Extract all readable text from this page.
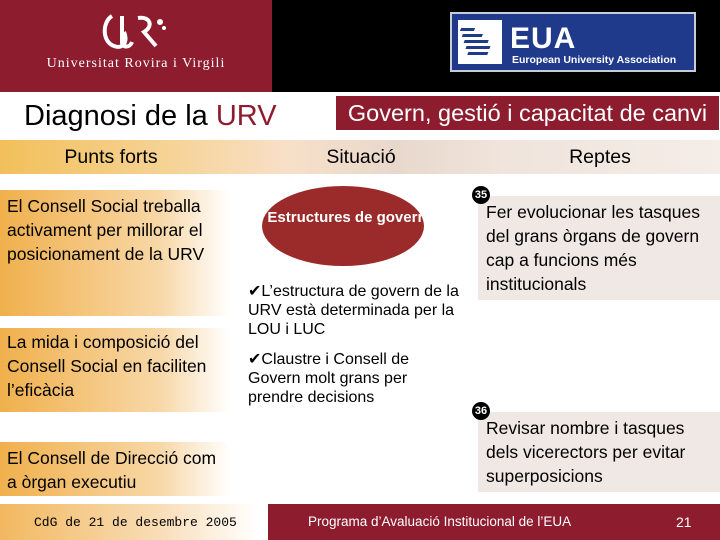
Universitat Rovira i Virgili
EUA
European University Association
Diagnosi de la URV	Govern, gestió i capacitat de canvi
Punts forts	Situació	Reptes
El Consell Social treballa activament per millorar el posicionament de la URV
La mida i composició del Consell Social en faciliten l’eficàcia
El Consell de Direcció com a òrgan executiu
Estructures de govern
✔L’estructura de govern de la URV està determinada per la LOU i LUC
✔Claustre i Consell de Govern molt grans per prendre decisions
35
Fer evolucionar les tasques del grans òrgans de govern cap a funcions més institucionals
36
Revisar nombre i tasques dels vicerectors per evitar superposicions
CdG de 21 de desembre 2005	Programa d’Avaluació Institucional de l’EUA	21
